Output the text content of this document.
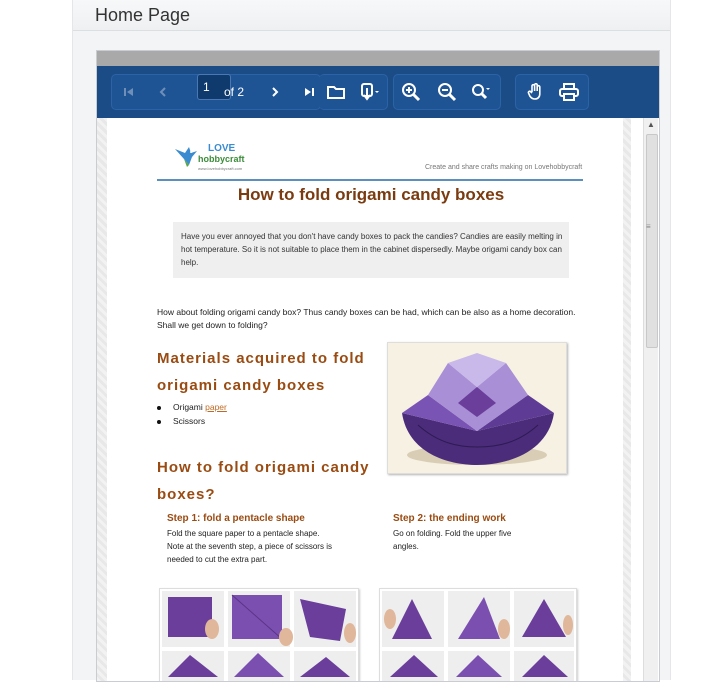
Home Page
1
of 2
LOVE
hobbycraft
www.lovehobbycraft.com	Create and share crafts making on Lovehobbycraft
How to fold origami candy boxes
Have you ever annoyed that you don't have candy boxes to pack the candies? Candies are easily melting in hot temperature. So it is not suitable to place them in the cabinet dispersedly. Maybe origami candy box can help.
How about folding origami candy box? Thus candy boxes can be had, which can be also as a home decoration. Shall we get down to folding?
Materials acquired to fold
origami candy boxes
Origami paper
Scissors
How to fold origami candy
boxes?
Step 1: fold a pentacle shape
Fold the square paper to a pentacle shape.
Note at the seventh step, a piece of scissors is
needed to cut the extra part.
Step 2: the ending work
Go on folding. Fold the upper five
angles.
▲
≡
